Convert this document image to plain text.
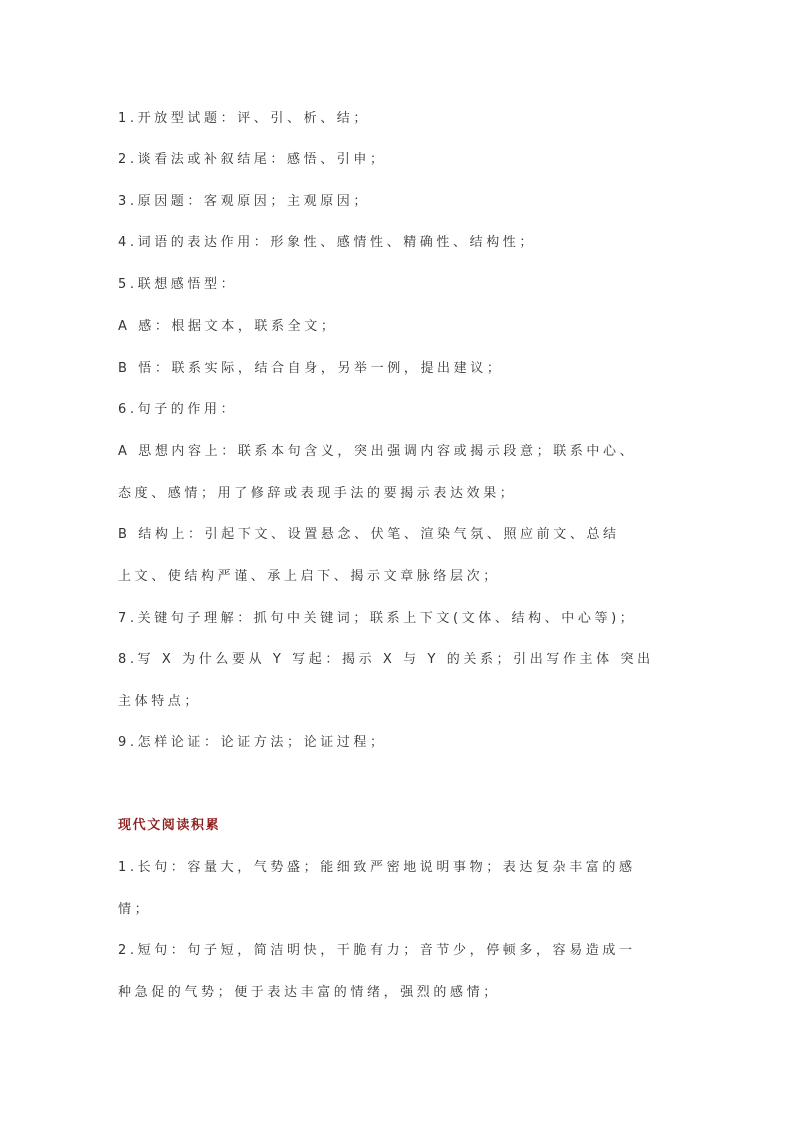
1.开放型试题：评、引、析、结；
2.谈看法或补叙结尾：感悟、引申；
3.原因题：客观原因；主观原因；
4.词语的表达作用：形象性、感情性、精确性、结构性；
5.联想感悟型：
A 感：根据文本，联系全文；
B 悟：联系实际，结合自身，另举一例，提出建议；
6.句子的作用：
A 思想内容上：联系本句含义，突出强调内容或揭示段意；联系中心、
态度、感情；用了修辞或表现手法的要揭示表达效果；
B 结构上：引起下文、设置悬念、伏笔、渲染气氛、照应前文、总结
上文、使结构严谨、承上启下、揭示文章脉络层次；
7.关键句子理解：抓句中关键词；联系上下文(文体、结构、中心等)；
8.写 X 为什么要从 Y 写起：揭示 X 与 Y 的关系；引出写作主体 突出
主体特点；
9.怎样论证：论证方法；论证过程；
现代文阅读积累
1.长句：容量大，气势盛；能细致严密地说明事物；表达复杂丰富的感
情；
2.短句：句子短，简洁明快，干脆有力；音节少，停顿多，容易造成一
种急促的气势；便于表达丰富的情绪，强烈的感情；
